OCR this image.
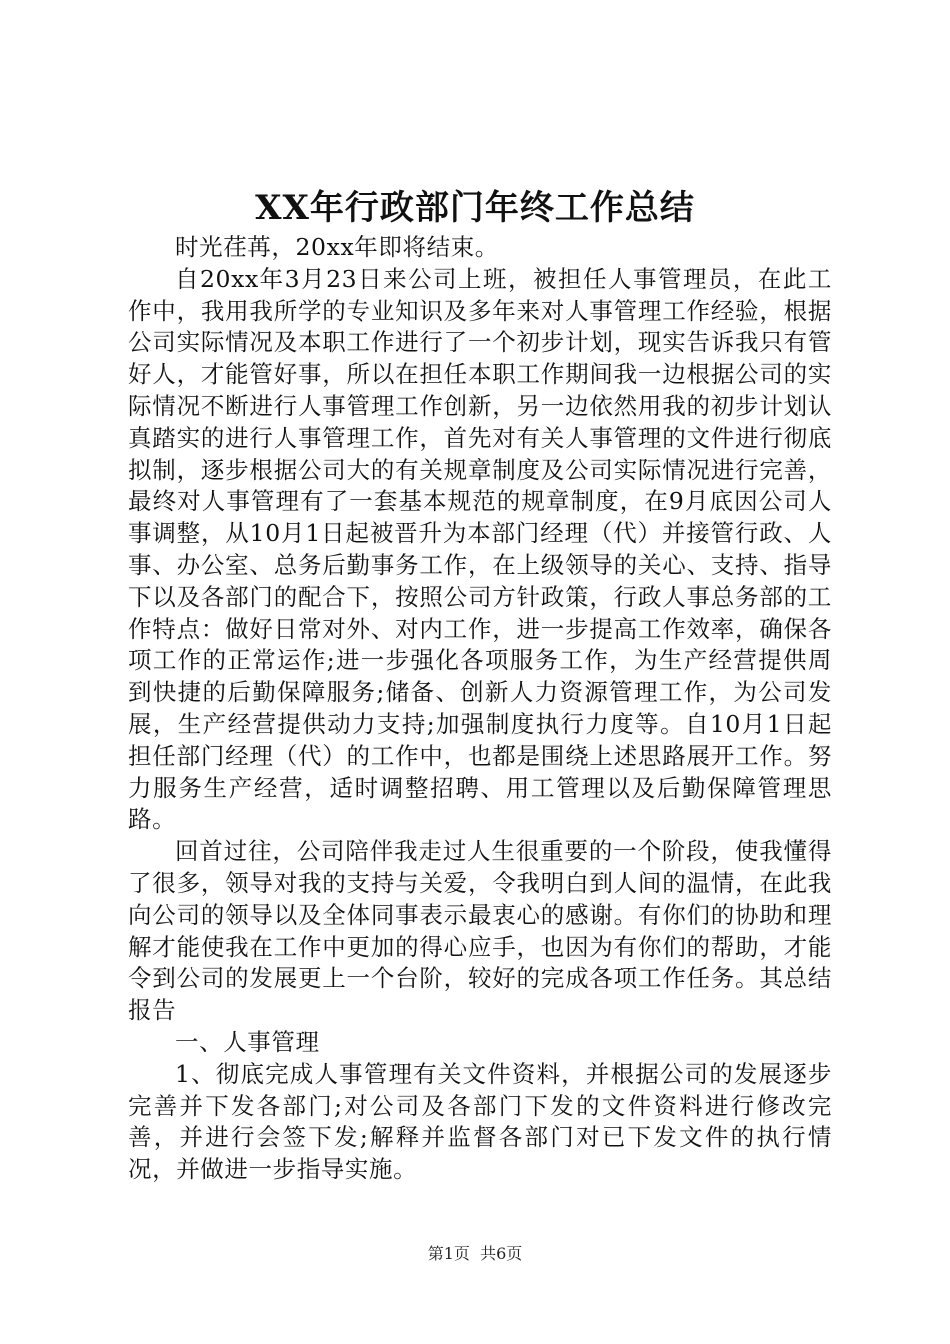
XX年行政部门年终工作总结

时光荏苒，20xx年即将结束。

自20xx年3月23日来公司上班，被担任人事管理员，在此工作中，我用我所学的专业知识及多年来对人事管理工作经验，根据公司实际情况及本职工作进行了一个初步计划，现实告诉我只有管好人，才能管好事，所以在担任本职工作期间我一边根据公司的实际情况不断进行人事管理工作创新，另一边依然用我的初步计划认真踏实的进行人事管理工作，首先对有关人事管理的文件进行彻底拟制，逐步根据公司大的有关规章制度及公司实际情况进行完善，最终对人事管理有了一套基本规范的规章制度，在9月底因公司人事调整，从10月1日起被晋升为本部门经理（代）并接管行政、人事、办公室、总务后勤事务工作，在上级领导的关心、支持、指导下以及各部门的配合下，按照公司方针政策，行政人事总务部的工作特点：做好日常对外、对内工作，进一步提高工作效率，确保各项工作的正常运作;进一步强化各项服务工作，为生产经营提供周到快捷的后勤保障服务;储备、创新人力资源管理工作，为公司发展，生产经营提供动力支持;加强制度执行力度等。自10月1日起担任部门经理（代）的工作中，也都是围绕上述思路展开工作。努力服务生产经营，适时调整招聘、用工管理以及后勤保障管理思路。

回首过往，公司陪伴我走过人生很重要的一个阶段，使我懂得了很多，领导对我的支持与关爱，令我明白到人间的温情，在此我向公司的领导以及全体同事表示最衷心的感谢。有你们的协助和理解才能使我在工作中更加的得心应手，也因为有你们的帮助，才能令到公司的发展更上一个台阶，较好的完成各项工作任务。其总结报告

一、人事管理

1、彻底完成人事管理有关文件资料，并根据公司的发展逐步完善并下发各部门;对公司及各部门下发的文件资料进行修改完善，并进行会签下发;解释并监督各部门对已下发文件的执行情况，并做进一步指导实施。

第1页 共6页
